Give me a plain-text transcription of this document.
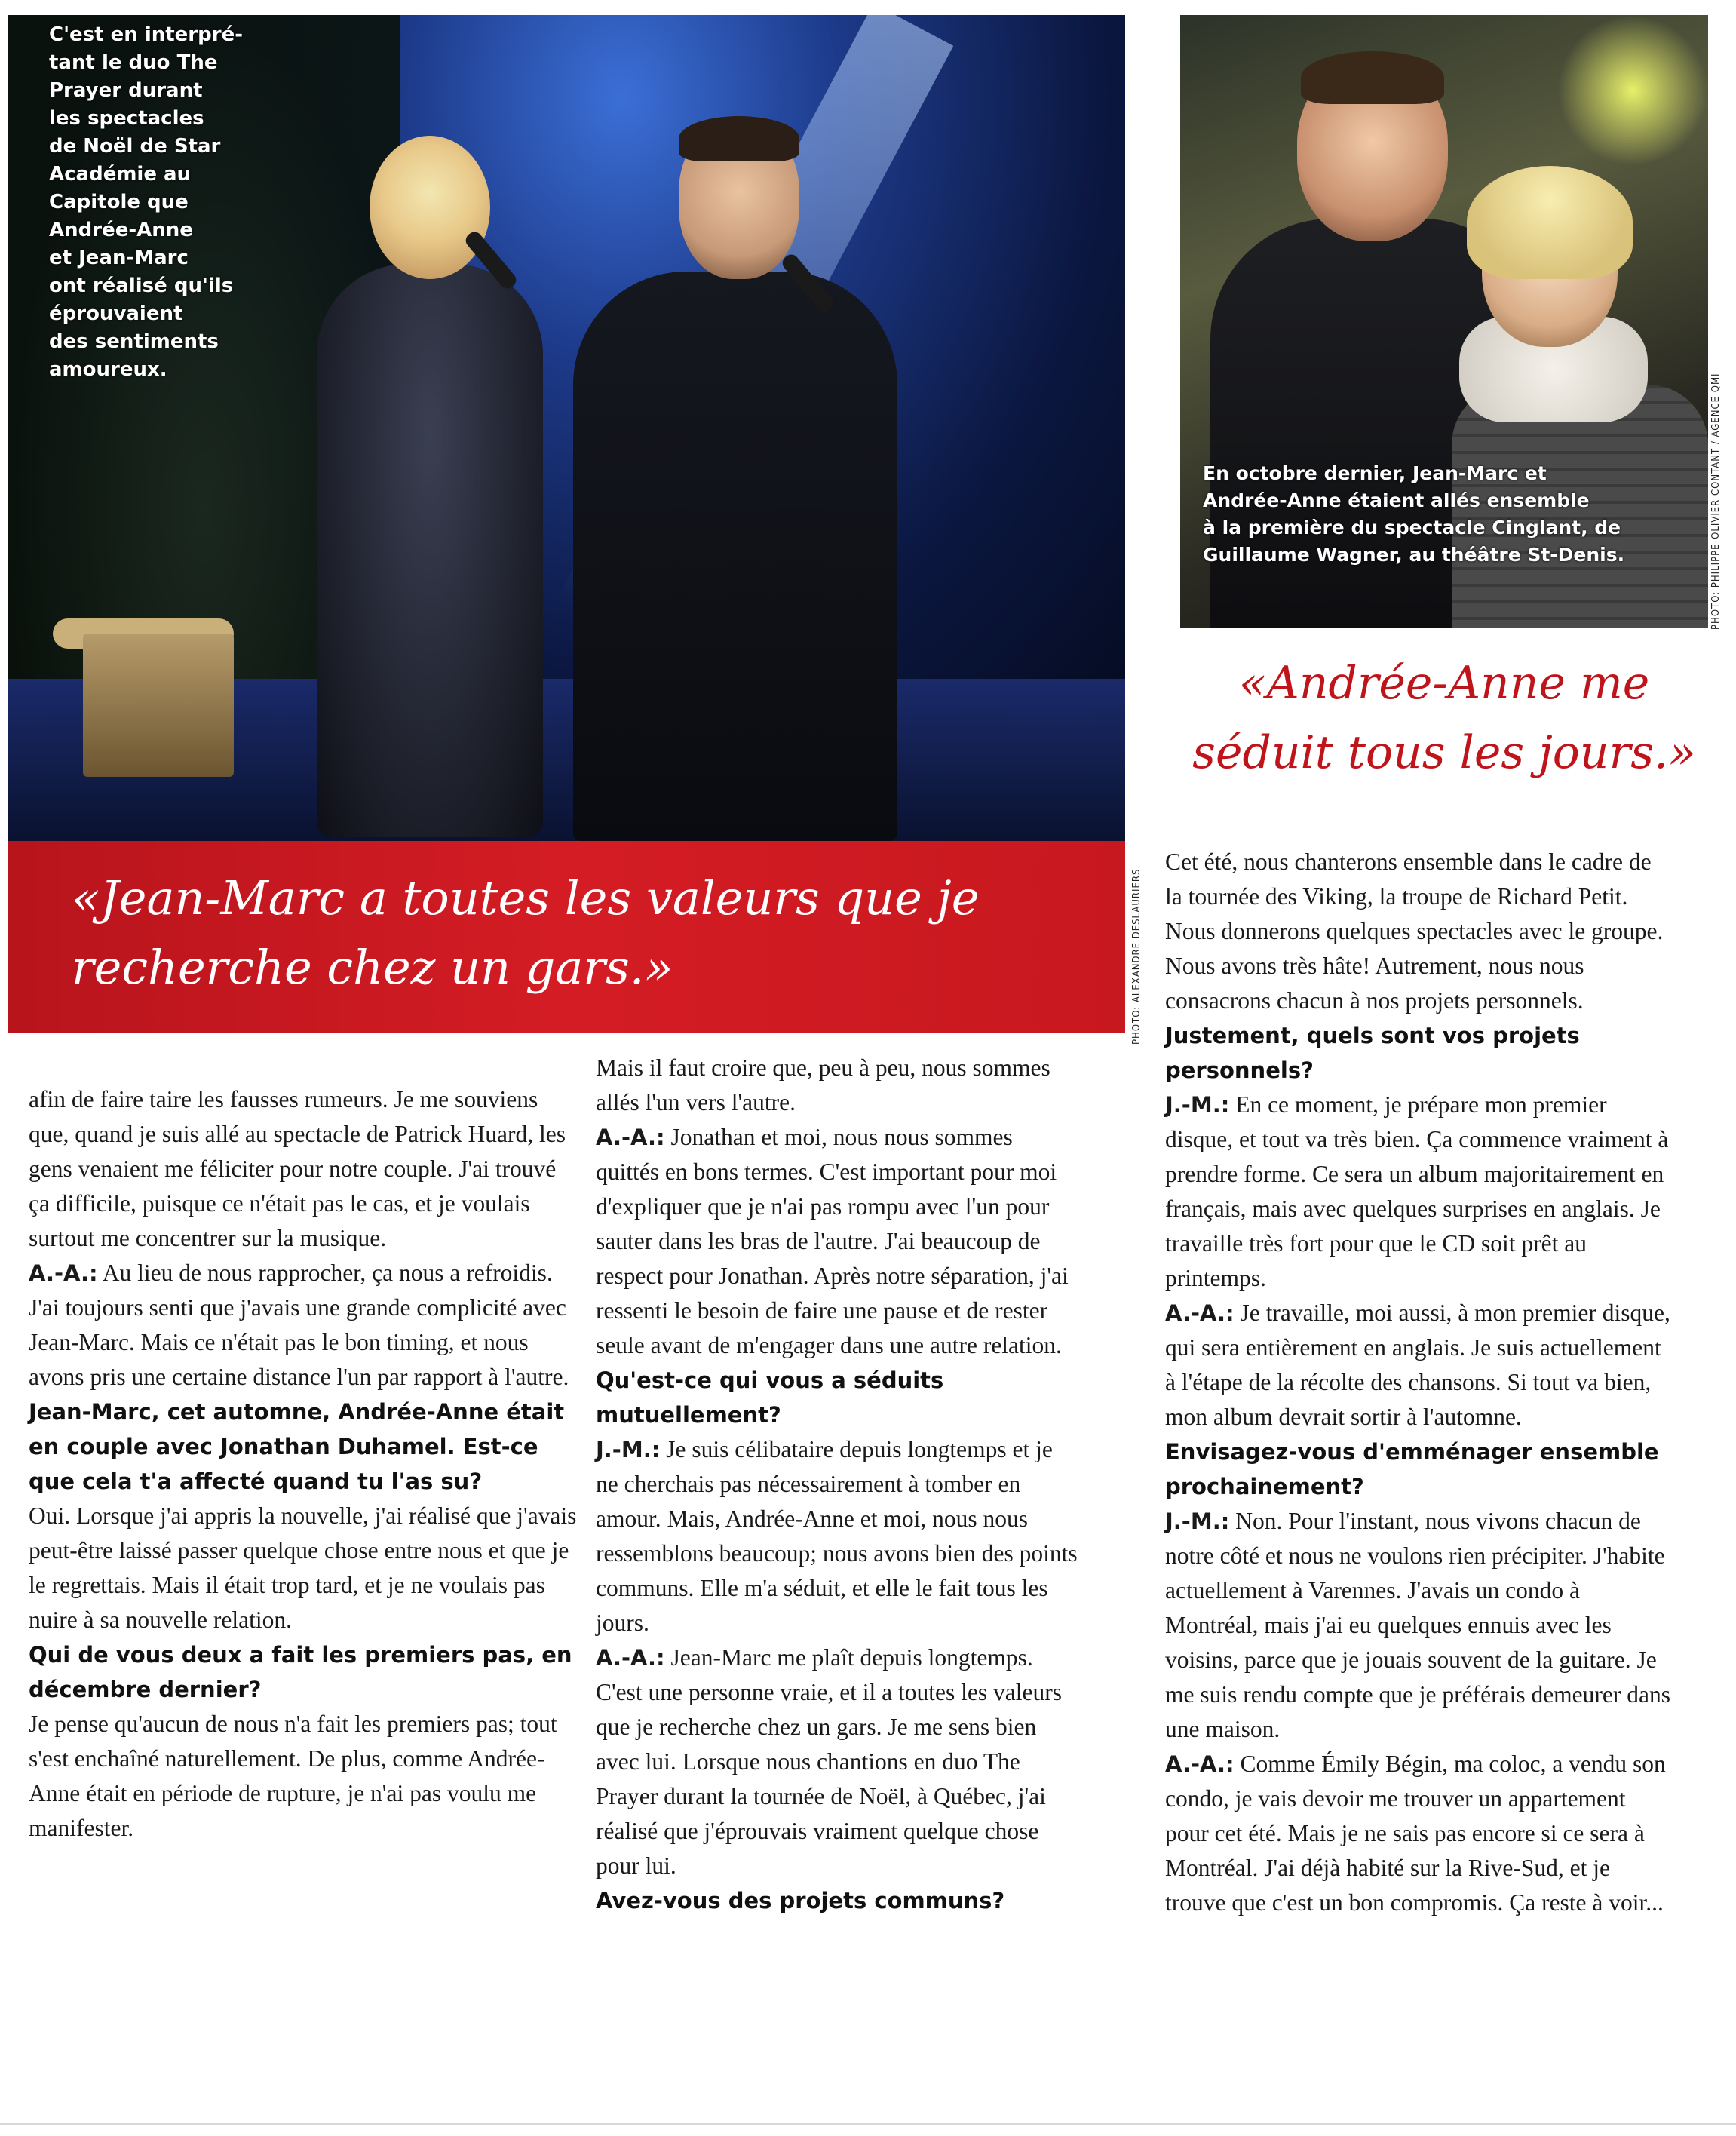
C'est en interpré-
tant le duo The
Prayer durant
les spectacles
de Noël de Star
Académie au
Capitole que
Andrée-Anne
et Jean-Marc
ont réalisé qu'ils
éprouvaient
des sentiments
amoureux.
En octobre dernier, Jean-Marc et
Andrée-Anne étaient allés ensemble
à la première du spectacle Cinglant, de
Guillaume Wagner, au théâtre St-Denis.	PHOTO: PHILIPPE-OLIVIER CONTANT / AGENCE QMI
PHOTO: ALEXANDRE DESLAURIERS
«Jean-Marc a toutes les valeurs que je
recherche chez un gars.»
«Andrée-Anne me
séduit tous les jours.»

afin de faire taire les fausses rumeurs. Je me souviens que, quand je suis allé au spectacle de Patrick Huard, les gens venaient me féliciter pour notre couple. J'ai trouvé ça difficile, puisque ce n'était pas le cas, et je voulais surtout me concentrer sur la musique.

A.-A.: Au lieu de nous rapprocher, ça nous a refroidis. J'ai toujours senti que j'avais une grande complicité avec Jean-Marc. Mais ce n'était pas le bon timing, et nous avons pris une certaine distance l'un par rapport à l'autre.

Jean-Marc, cet automne, Andrée-Anne était en couple avec Jonathan Duhamel. Est-ce que cela t'a affecté quand tu l'as su?

Oui. Lorsque j'ai appris la nouvelle, j'ai réalisé que j'avais peut-être laissé passer quelque chose entre nous et que je le regrettais. Mais il était trop tard, et je ne voulais pas nuire à sa nouvelle relation.

Qui de vous deux a fait les premiers pas, en décembre dernier?

Je pense qu'aucun de nous n'a fait les premiers pas; tout s'est enchaîné naturellement. De plus, comme Andrée-Anne était en période de rupture, je n'ai pas voulu me manifester.

Mais il faut croire que, peu à peu, nous sommes allés l'un vers l'autre.

A.-A.: Jonathan et moi, nous nous sommes quittés en bons termes. C'est important pour moi d'expliquer que je n'ai pas rompu avec l'un pour sauter dans les bras de l'autre. J'ai beaucoup de respect pour Jonathan. Après notre séparation, j'ai ressenti le besoin de faire une pause et de rester seule avant de m'engager dans une autre relation.

Qu'est-ce qui vous a séduits mutuellement?

J.-M.: Je suis célibataire depuis longtemps et je ne cherchais pas nécessairement à tomber en amour. Mais, Andrée-Anne et moi, nous nous ressemblons beaucoup; nous avons bien des points communs. Elle m'a séduit, et elle le fait tous les jours.

A.-A.: Jean-Marc me plaît depuis longtemps. C'est une personne vraie, et il a toutes les valeurs que je recherche chez un gars. Je me sens bien avec lui. Lorsque nous chantions en duo The Prayer durant la tournée de Noël, à Québec, j'ai réalisé que j'éprouvais vraiment quelque chose pour lui.

Avez-vous des projets communs?

Cet été, nous chanterons ensemble dans le cadre de la tournée des Viking, la troupe de Richard Petit. Nous donnerons quelques spectacles avec le groupe. Nous avons très hâte! Autrement, nous nous consacrons chacun à nos projets personnels.

Justement, quels sont vos projets personnels?

J.-M.: En ce moment, je prépare mon premier disque, et tout va très bien. Ça commence vraiment à prendre forme. Ce sera un album majoritairement en français, mais avec quelques surprises en anglais. Je travaille très fort pour que le CD soit prêt au printemps.

A.-A.: Je travaille, moi aussi, à mon premier disque, qui sera entièrement en anglais. Je suis actuellement à l'étape de la récolte des chansons. Si tout va bien, mon album devrait sortir à l'automne.

Envisagez-vous d'emménager ensemble prochainement?

J.-M.: Non. Pour l'instant, nous vivons chacun de notre côté et nous ne voulons rien précipiter. J'habite actuellement à Varennes. J'avais un condo à Montréal, mais j'ai eu quelques ennuis avec les voisins, parce que je jouais souvent de la guitare. Je me suis rendu compte que je préférais demeurer dans une maison.

A.-A.: Comme Émily Bégin, ma coloc, a vendu son condo, je vais devoir me trouver un appartement pour cet été. Mais je ne sais pas encore si ce sera à Montréal. J'ai déjà habité sur la Rive-Sud, et je trouve que c'est un bon compromis. Ça reste à voir...
